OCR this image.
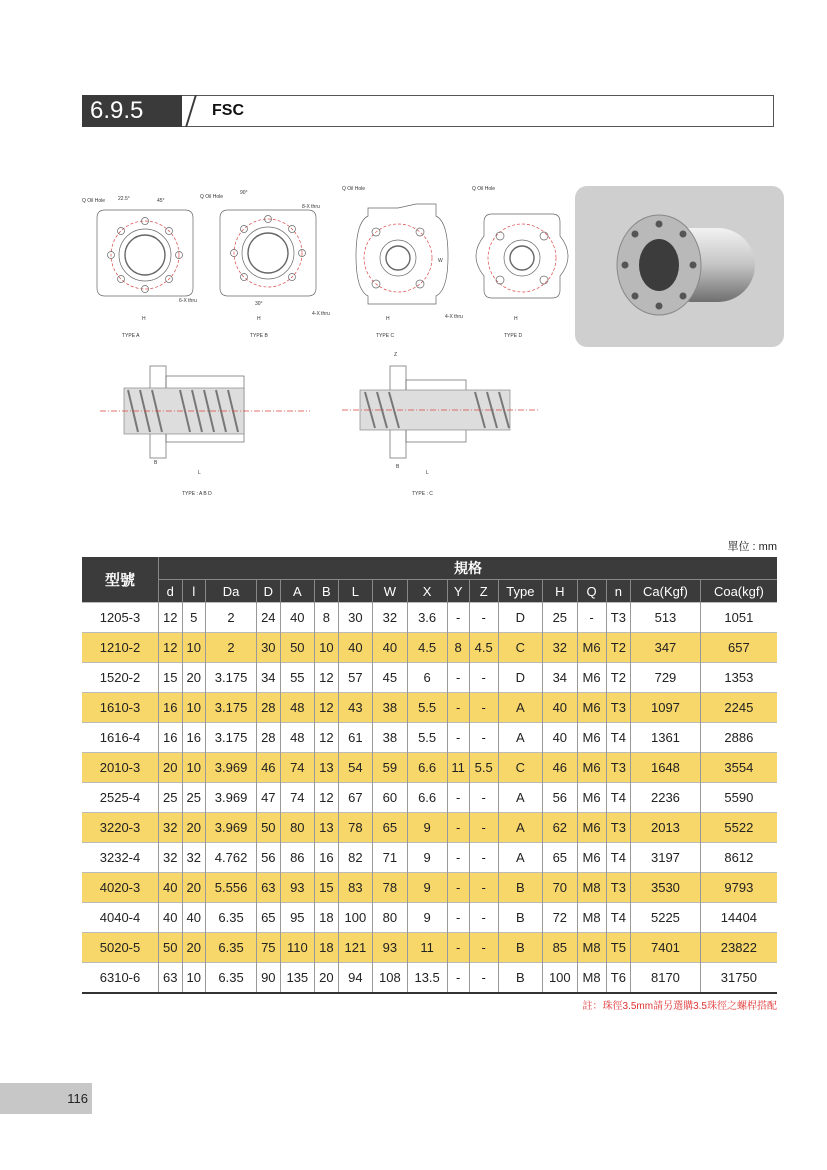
6.9.5	FSC
Q Oil Hole	22.5°	45°
6-X thru
H
TYPE A
Q Oil Hole
90°
8-X thru
30°
H
TYPE B
Q Oil Hole
4-X thru
W
H
TYPE C
Q Oil Hole
4-X thru	H
TYPE D
B
L
TYPE : A B D
Z
B
L
TYPE : C
單位 : mm
型號	規格																
	d	l	Da	D	A	B	L	W	X	Y	Z	Type	H	Q	n	Ca(Kgf)	Coa(kgf)
1205-3	12	5	2	24	40	8	30	32	3.6	-	-	D	25	-	T3	513	1051
1210-2	12	10	2	30	50	10	40	40	4.5	8	4.5	C	32	M6	T2	347	657
1520-2	15	20	3.175	34	55	12	57	45	6	-	-	D	34	M6	T2	729	1353
1610-3	16	10	3.175	28	48	12	43	38	5.5	-	-	A	40	M6	T3	1097	2245
1616-4	16	16	3.175	28	48	12	61	38	5.5	-	-	A	40	M6	T4	1361	2886
2010-3	20	10	3.969	46	74	13	54	59	6.6	11	5.5	C	46	M6	T3	1648	3554
2525-4	25	25	3.969	47	74	12	67	60	6.6	-	-	A	56	M6	T4	2236	5590
3220-3	32	20	3.969	50	80	13	78	65	9	-	-	A	62	M6	T3	2013	5522
3232-4	32	32	4.762	56	86	16	82	71	9	-	-	A	65	M6	T4	3197	8612
4020-3	40	20	5.556	63	93	15	83	78	9	-	-	B	70	M8	T3	3530	9793
4040-4	40	40	6.35	65	95	18	100	80	9	-	-	B	72	M8	T4	5225	14404
5020-5	50	20	6.35	75	110	18	121	93	11	-	-	B	85	M8	T5	7401	23822
6310-6	63	10	6.35	90	135	20	94	108	13.5	-	-	B	100	M8	T6	8170	31750
註：珠徑3.5mm請另選購3.5珠徑之螺桿搭配
116
